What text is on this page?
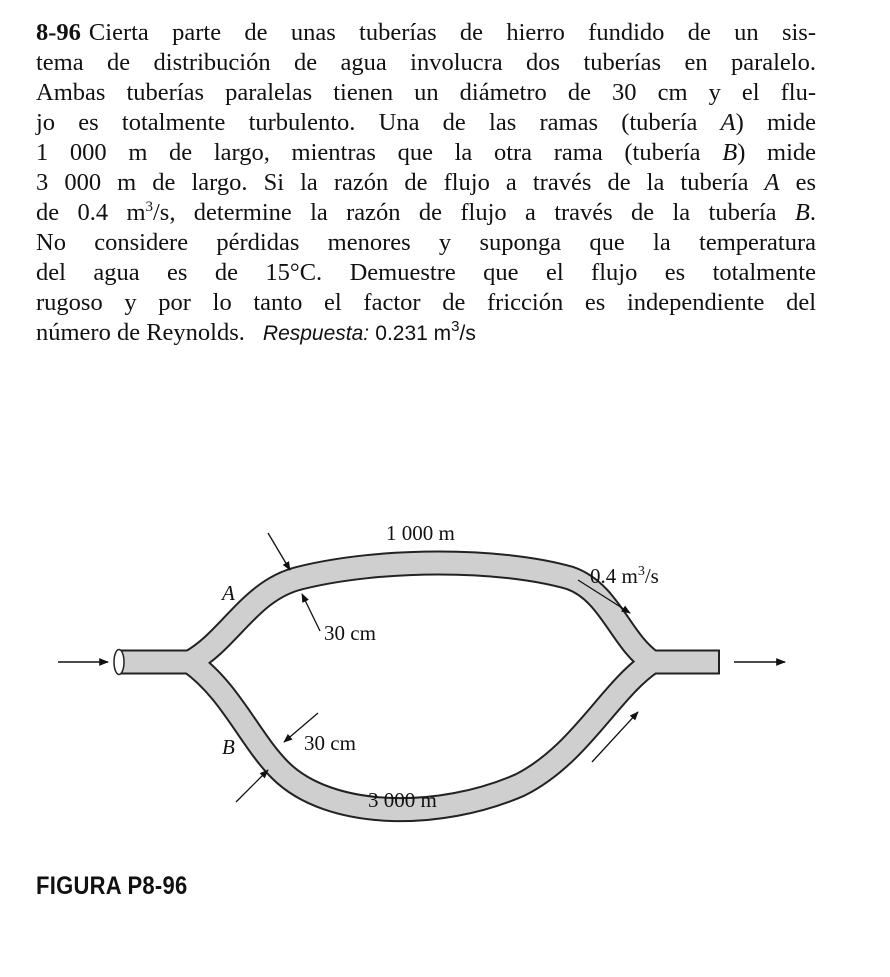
8-96 Cierta parte de unas tuberías de hierro fundido de un sis-
tema de distribución de agua involucra dos tuberías en paralelo.
Ambas tuberías paralelas tienen un diámetro de 30 cm y el flu-
jo es totalmente turbulento. Una de las ramas (tubería A) mide
1 000 m de largo, mientras que la otra rama (tubería B) mide
3 000 m de largo. Si la razón de flujo a través de la tubería A es
de 0.4 $m^3/s$, determine la razón de flujo a través de la tubería B.
No considere pérdidas menores y suponga que la temperatura
del agua es de 15°C. Demuestre que el flujo es totalmente
rugoso y por lo tanto el factor de fricción es independiente del
número de Reynolds. Respuesta: 0.231 $m^3/s$
1 000 m
0.4 $m^3/s$
A
30 cm
30 cm
B
3 000 m
FIGURA P8-96
